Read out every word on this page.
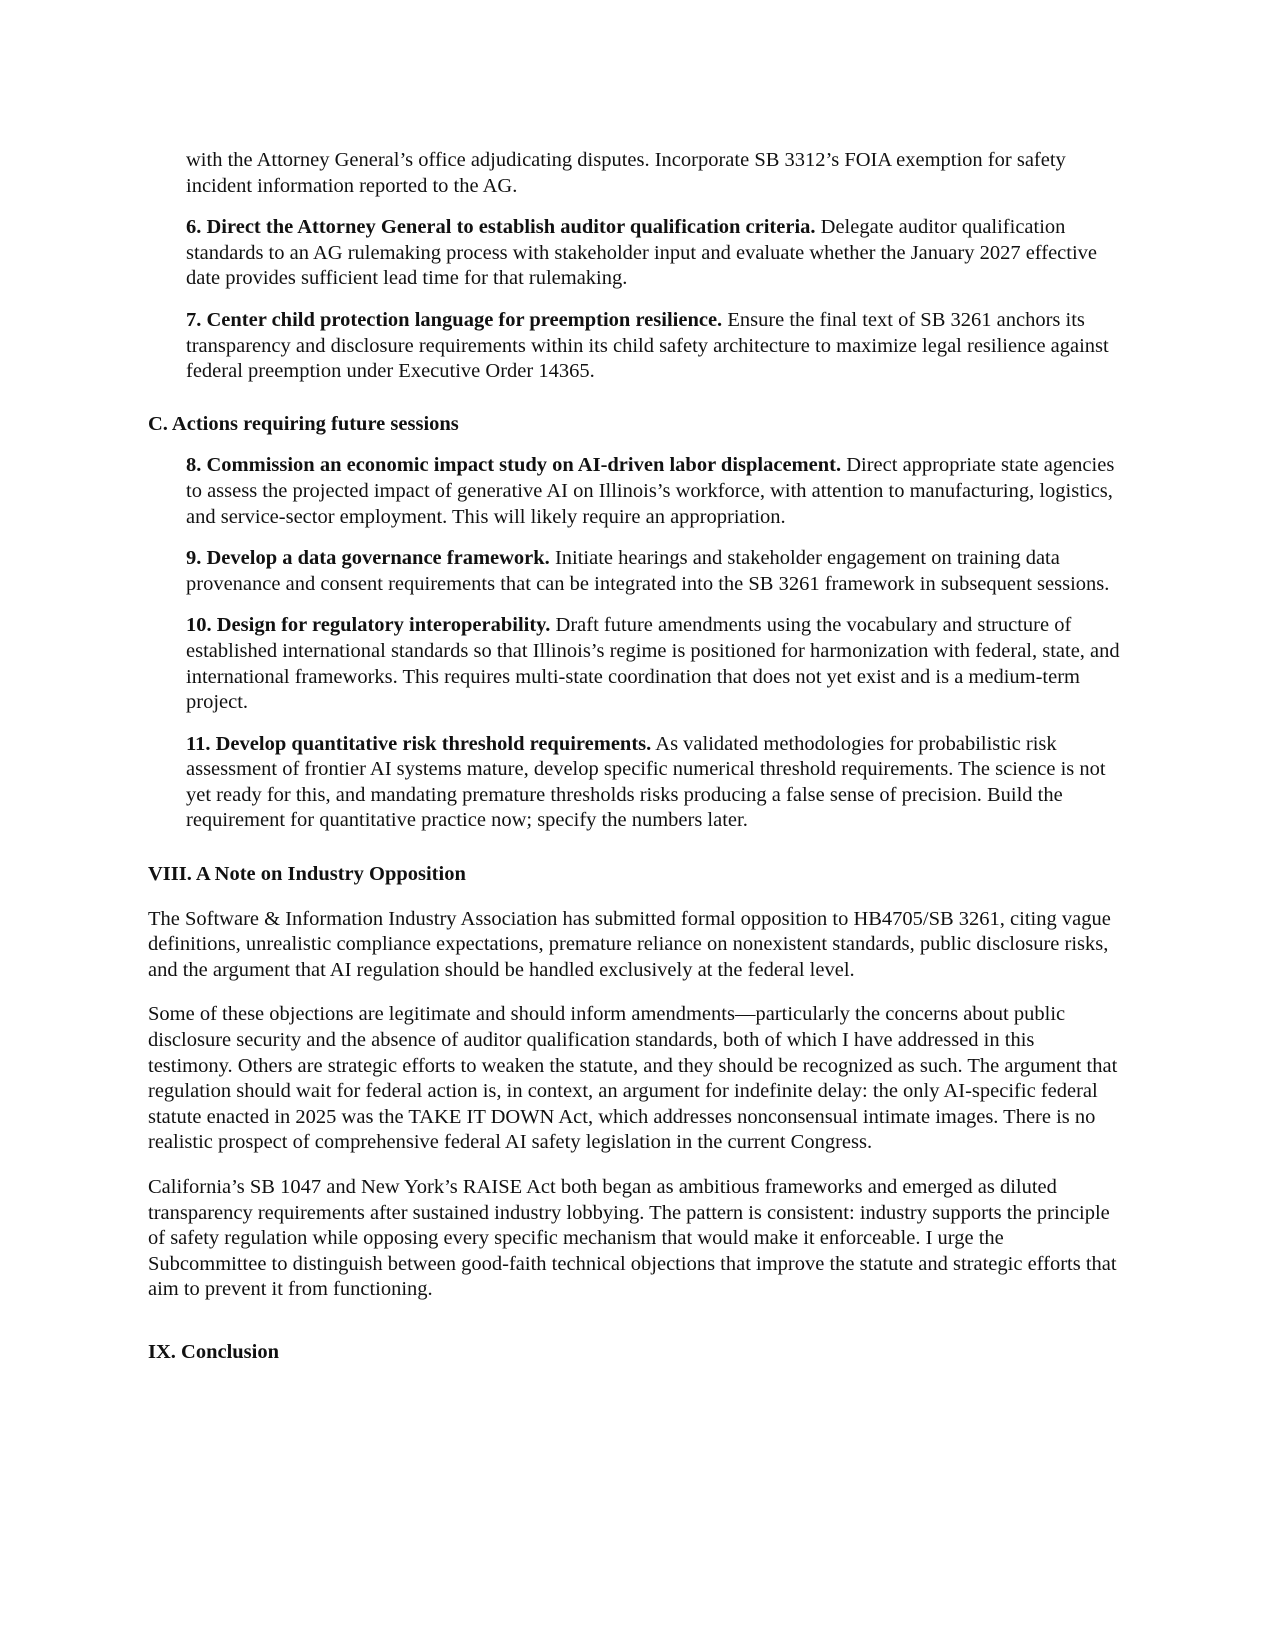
with the Attorney General’s office adjudicating disputes. Incorporate SB 3312’s FOIA exemption for safety incident information reported to the AG.

6. Direct the Attorney General to establish auditor qualification criteria. Delegate auditor qualification standards to an AG rulemaking process with stakeholder input and evaluate whether the January 2027 effective date provides sufficient lead time for that rulemaking.

7. Center child protection language for preemption resilience. Ensure the final text of SB 3261 anchors its transparency and disclosure requirements within its child safety architecture to maximize legal resilience against federal preemption under Executive Order 14365.

C. Actions requiring future sessions

8. Commission an economic impact study on AI-driven labor displacement. Direct appropriate state agencies to assess the projected impact of generative AI on Illinois’s workforce, with attention to manufacturing, logistics, and service-sector employment. This will likely require an appropriation.

9. Develop a data governance framework. Initiate hearings and stakeholder engagement on training data provenance and consent requirements that can be integrated into the SB 3261 framework in subsequent sessions.

10. Design for regulatory interoperability. Draft future amendments using the vocabulary and structure of established international standards so that Illinois’s regime is positioned for harmonization with federal, state, and international frameworks. This requires multi-state coordination that does not yet exist and is a medium-term project.

11. Develop quantitative risk threshold requirements. As validated methodologies for probabilistic risk assessment of frontier AI systems mature, develop specific numerical threshold requirements. The science is not yet ready for this, and mandating premature thresholds risks producing a false sense of precision. Build the requirement for quantitative practice now; specify the numbers later.

VIII. A Note on Industry Opposition

The Software & Information Industry Association has submitted formal opposition to HB4705/SB 3261, citing vague definitions, unrealistic compliance expectations, premature reliance on nonexistent standards, public disclosure risks, and the argument that AI regulation should be handled exclusively at the federal level.

Some of these objections are legitimate and should inform amendments—particularly the concerns about public disclosure security and the absence of auditor qualification standards, both of which I have addressed in this testimony. Others are strategic efforts to weaken the statute, and they should be recognized as such. The argument that regulation should wait for federal action is, in context, an argument for indefinite delay: the only AI-specific federal statute enacted in 2025 was the TAKE IT DOWN Act, which addresses nonconsensual intimate images. There is no realistic prospect of comprehensive federal AI safety legislation in the current Congress.

California’s SB 1047 and New York’s RAISE Act both began as ambitious frameworks and emerged as diluted transparency requirements after sustained industry lobbying. The pattern is consistent: industry supports the principle of safety regulation while opposing every specific mechanism that would make it enforceable. I urge the Subcommittee to distinguish between good-faith technical objections that improve the statute and strategic efforts that aim to prevent it from functioning.

IX. Conclusion
